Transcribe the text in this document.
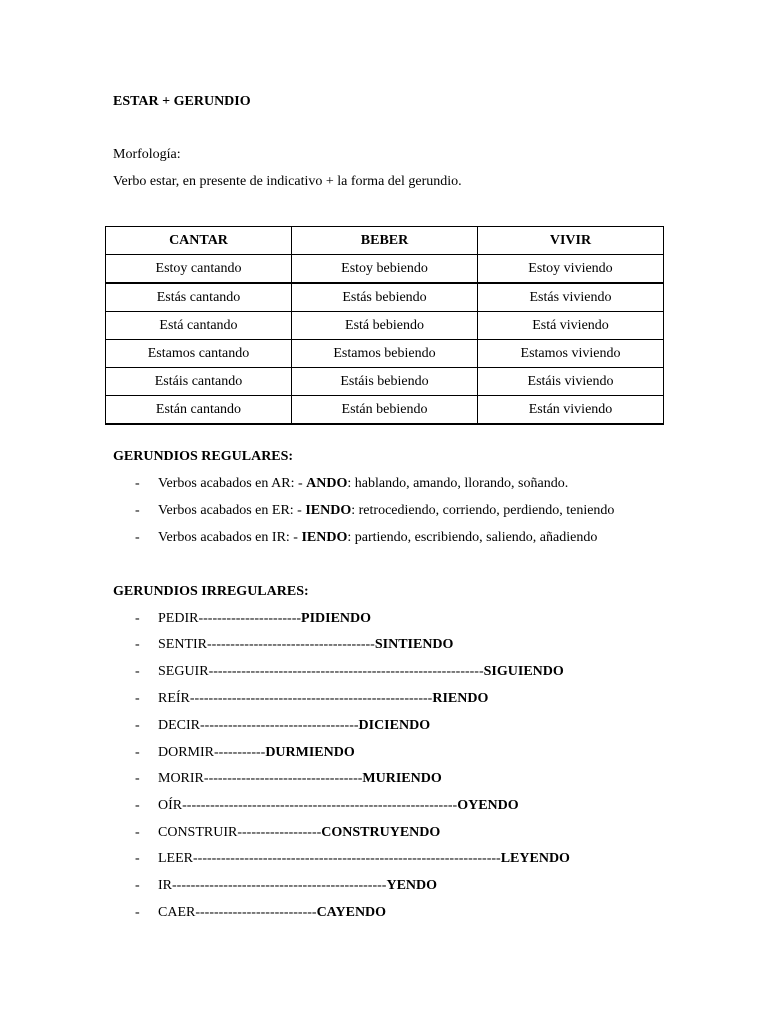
ESTAR + GERUNDIO
Morfología:
Verbo estar, en presente de indicativo + la forma del gerundio.
CANTAR	BEBER	VIVIR
Estoy cantando	Estoy bebiendo	Estoy viviendo
Estás cantando	Estás bebiendo	Estás viviendo
Está cantando	Está bebiendo	Está viviendo
Estamos cantando	Estamos bebiendo	Estamos viviendo
Estáis cantando	Estáis bebiendo	Estáis viviendo
Están cantando	Están bebiendo	Están viviendo
GERUNDIOS REGULARES:
- Verbos acabados en AR: - ANDO: hablando, amando, llorando, soñando.
- Verbos acabados en ER: - IENDO: retrocediendo, corriendo, perdiendo, teniendo
- Verbos acabados en IR: - IENDO: partiendo, escribiendo, saliendo, añadiendo
GERUNDIOS IRREGULARES:
- PEDIR----------------------PIDIENDO
- SENTIR------------------------------------SINTIENDO
- SEGUIR-----------------------------------------------------------SIGUIENDO
- REÍR----------------------------------------------------RIENDO
- DECIR----------------------------------DICIENDO
- DORMIR-----------DURMIENDO
- MORIR----------------------------------MURIENDO
- OÍR-----------------------------------------------------------OYENDO
- CONSTRUIR------------------CONSTRUYENDO
- LEER------------------------------------------------------------------LEYENDO
- IR----------------------------------------------YENDO
- CAER--------------------------CAYENDO
